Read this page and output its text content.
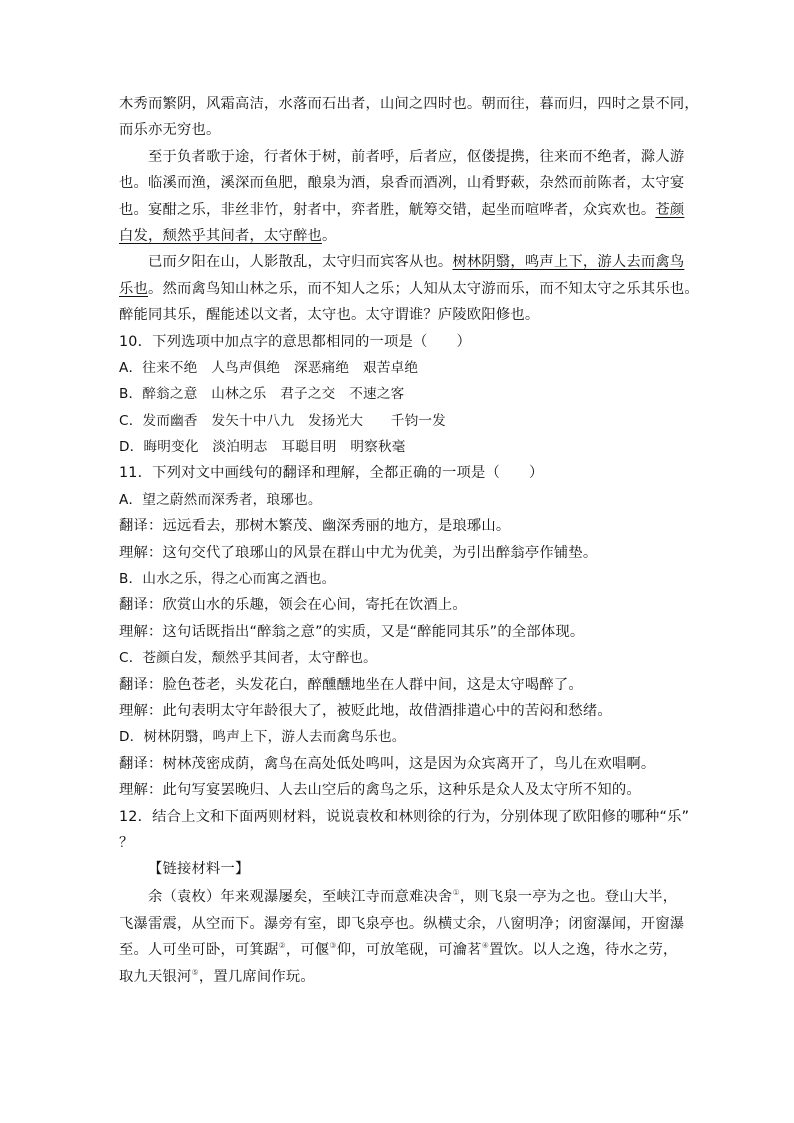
木秀而繁阴，风霜高洁，水落而石出者，山间之四时也。朝而往，暮而归，四时之景不同，
而乐亦无穷也。
至于负者歌于途，行者休于树，前者呼，后者应，伛偻提携，往来而不绝者，滁人游
也。临溪而渔，溪深而鱼肥，酿泉为酒，泉香而酒冽，山肴野蔌，杂然而前陈者，太守宴
也。宴酣之乐，非丝非竹，射者中，弈者胜，觥筹交错，起坐而喧哗者，众宾欢也。苍颜
白发，颓然乎其间者，太守醉也。
已而夕阳在山，人影散乱，太守归而宾客从也。树林阴翳，鸣声上下，游人去而禽鸟
乐也。然而禽鸟知山林之乐，而不知人之乐；人知从太守游而乐，而不知太守之乐其乐也。
醉能同其乐，醒能述以文者，太守也。太守谓谁？庐陵欧阳修也。
10．下列选项中加点字的意思都相同的一项是（　　）
A．往来不绝　人鸟声俱绝　深恶痛绝　艰苦卓绝
B．醉翁之意　山林之乐　君子之交　不速之客
C．发而幽香　发矢十中八九　发扬光大　　千钧一发
D．晦明变化　淡泊明志　耳聪目明　明察秋毫
11．下列对文中画线句的翻译和理解，全都正确的一项是（　　）
A．望之蔚然而深秀者，琅琊也。
翻译：远远看去，那树木繁茂、幽深秀丽的地方，是琅琊山。
理解：这句交代了琅琊山的风景在群山中尤为优美，为引出醉翁亭作铺垫。
B．山水之乐，得之心而寓之酒也。
翻译：欣赏山水的乐趣，领会在心间，寄托在饮酒上。
理解：这句话既指出“醉翁之意”的实质，又是“醉能同其乐”的全部体现。
C．苍颜白发，颓然乎其间者，太守醉也。
翻译：脸色苍老，头发花白，醉醺醺地坐在人群中间，这是太守喝醉了。
理解：此句表明太守年龄很大了，被贬此地，故借酒排遣心中的苦闷和愁绪。
D．树林阴翳，鸣声上下，游人去而禽鸟乐也。
翻译：树林茂密成荫，禽鸟在高处低处鸣叫，这是因为众宾离开了，鸟儿在欢唱啊。
理解：此句写宴罢晚归、人去山空后的禽鸟之乐，这种乐是众人及太守所不知的。
12．结合上文和下面两则材料，说说袁枚和林则徐的行为，分别体现了欧阳修的哪种“乐”
？
【链接材料一】
余（袁枚）年来观瀑屡矣，至峡江寺而意难决舍①，则飞泉一亭为之也。登山大半，
飞瀑雷震，从空而下。瀑旁有室，即飞泉亭也。纵横丈余，八窗明净；闭窗瀑闻，开窗瀑
至。人可坐可卧，可箕踞②，可偃③仰，可放笔砚，可瀹茗④置饮。以人之逸，待水之劳，
取九天银河⑤，置几席间作玩。
